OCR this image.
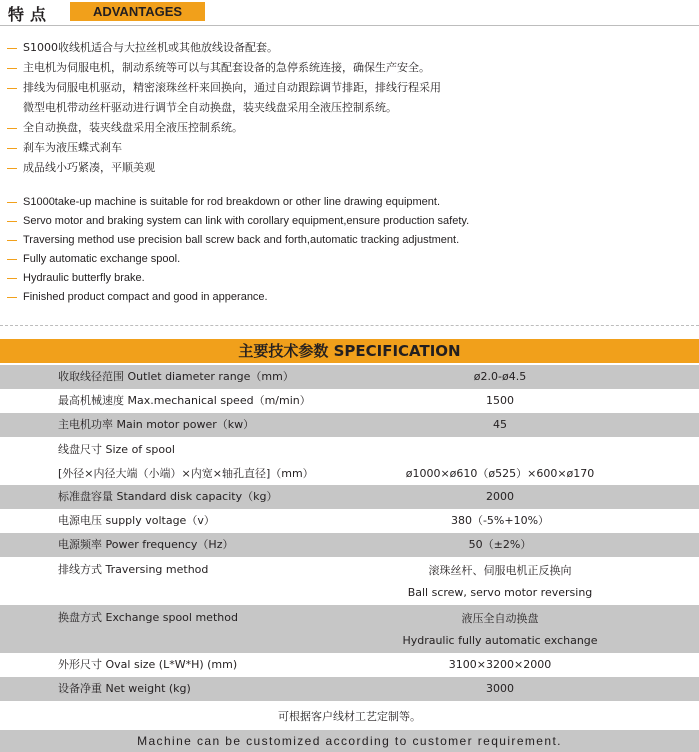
特点	ADVANTAGES
S1000收线机适合与大拉丝机或其他放线设备配套。
主电机为伺服电机，制动系统等可以与其配套设备的急停系统连接，确保生产安全。
排线为伺服电机驱动，精密滚珠丝杆来回换向，通过自动跟踪调节排距，排线行程采用
微型电机带动丝杆驱动进行调节全自动换盘，装夹线盘采用全液压控制系统。
全自动换盘，装夹线盘采用全液压控制系统。
刹车为液压蝶式刹车
成品线小巧紧凑，平顺美观
S1000take-up machine is suitable for rod breakdown or other line drawing equipment.
Servo motor and braking system can link with corollary equipment,ensure production safety.
Traversing method use precision ball screw back and forth,automatic tracking adjustment.
Fully automatic exchange spool.
Hydraulic butterfly brake.
Finished product compact and good in apperance.
主要技术参数 SPECIFICATION
收取线径范围 Outlet diameter range（mm）	ø2.0-ø4.5
最高机械速度 Max.mechanical speed（m/min）	1500
主电机功率 Main motor power（kw）	45
线盘尺寸 Size of spool
[外径×内径大端（小端）×内宽×轴孔直径]（mm）	ø1000×ø610（ø525）×600×ø170
标准盘容量 Standard disk capacity（kg）	2000
电源电压 supply voltage（v）	380（-5%+10%）
电源频率 Power frequency（Hz）	50（±2%）
排线方式 Traversing method	滚珠丝杆、伺服电机正反换向
Ball screw, servo motor reversing
换盘方式 Exchange spool method	液压全自动换盘
Hydraulic fully automatic exchange
外形尺寸 Oval size (L*W*H) (mm)	3100×3200×2000
设备净重 Net weight (kg)	3000
可根据客户线材工艺定制等。
Machine can be customized according to customer requirement.
